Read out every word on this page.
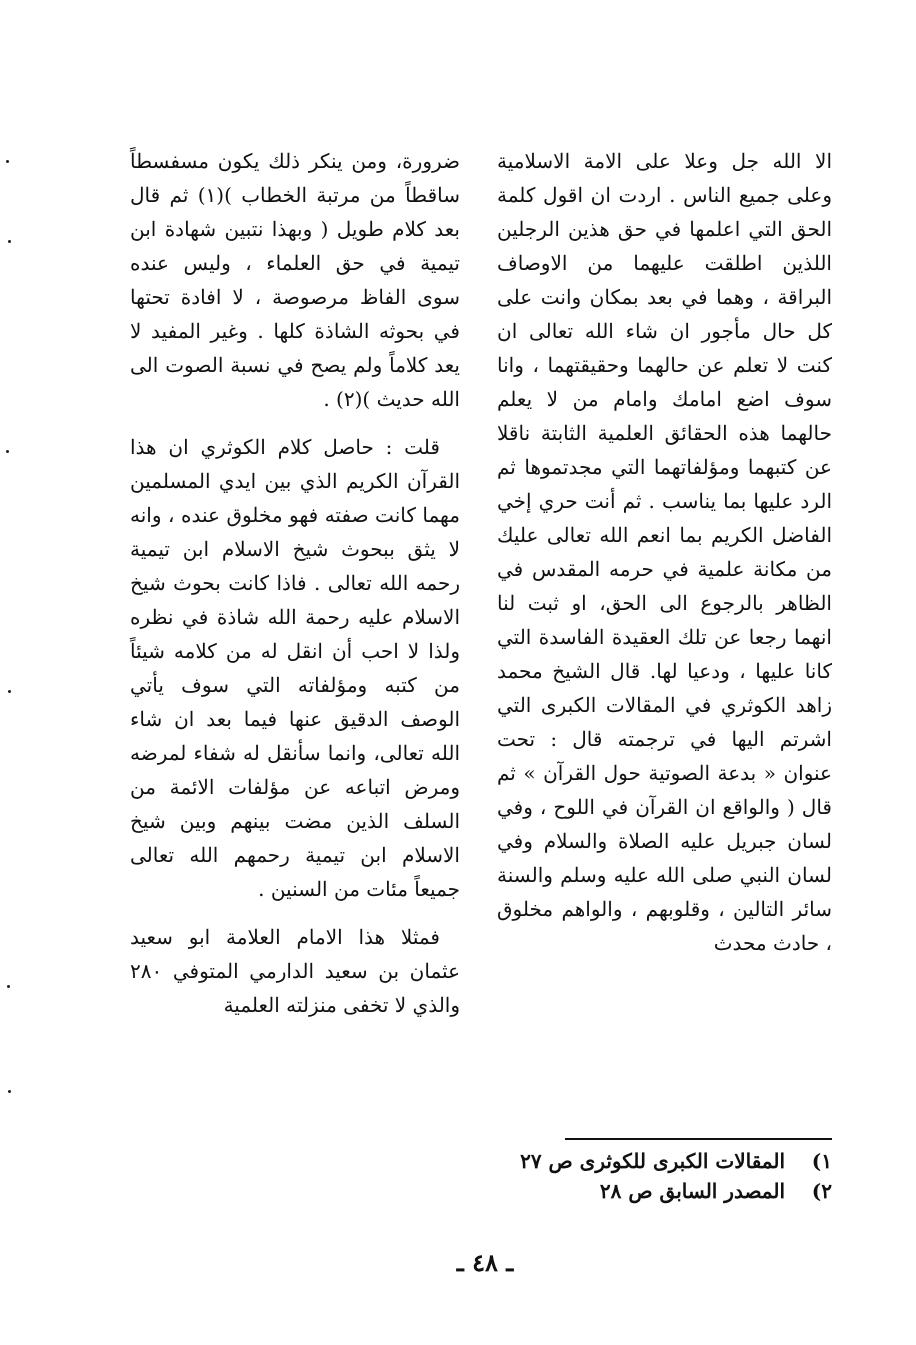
الا الله جل وعلا على الامة الاسلامية وعلى جميع الناس . اردت ان اقول كلمة الحق التي اعلمها في حق هذين الرجلين اللذين اطلقت عليهما من الاوصاف البراقة ، وهما في بعد بمكان وانت على كل حال مأجور ان شاء الله تعالى ان كنت لا تعلم عن حالهما وحقيقتهما ، وانا سوف اضع امامك وامام من لا يعلم حالهما هذه الحقائق العلمية الثابتة ناقلا عن كتبهما ومؤلفاتهما التي مجدتموها ثم الرد عليها بما يناسب . ثم أنت حري إخي الفاضل الكريم بما انعم الله تعالى عليك من مكانة علمية في حرمه المقدس في الظاهر بالرجوع الى الحق، او ثبت لنا انهما رجعا عن تلك العقيدة الفاسدة التي كانا عليها ، ودعيا لها. قال الشيخ محمد زاهد الكوثري في المقالات الكبرى التي اشرتم اليها في ترجمته قال : تحت عنوان « بدعة الصوتية حول القرآن » ثم قال ( والواقع ان القرآن في اللوح ، وفي لسان جبريل عليه الصلاة والسلام وفي لسان النبي صلى الله عليه وسلم والسنة سائر التالين ، وقلوبهم ، والواهم مخلوق ، حادث محدث

ضرورة، ومن ينكر ذلك يكون مسفسطاً ساقطاً من مرتبة الخطاب )(١) ثم قال بعد كلام طويل ( وبهذا نتبين شهادة ابن تيمية في حق العلماء ، وليس عنده سوى الفاظ مرصوصة ، لا افادة تحتها في بحوثه الشاذة كلها . وغير المفيد لا يعد كلاماً ولم يصح في نسبة الصوت الى الله حديث )(٢) .

قلت : حاصل كلام الكوثري ان هذا القرآن الكريم الذي بين ايدي المسلمين مهما كانت صفته فهو مخلوق عنده ، وانه لا يثق ببحوث شيخ الاسلام ابن تيمية رحمه الله تعالى . فاذا كانت بحوث شيخ الاسلام عليه رحمة الله شاذة في نظره ولذا لا احب أن انقل له من كلامه شيئاً من كتبه ومؤلفاته التي سوف يأتي الوصف الدقيق عنها فيما بعد ان شاء الله تعالى، وانما سأنقل له شفاء لمرضه ومرض اتباعه عن مؤلفات الائمة من السلف الذين مضت بينهم وبين شيخ الاسلام ابن تيمية رحمهم الله تعالى جميعاً مئات من السنين .

فمثلا هذا الامام العلامة ابو سعيد عثمان بن سعيد الدارمي المتوفي ٢٨٠ والذي لا تخفى منزلته العلمية

١) المقالات الكبرى للكوثرى ص ٢٧
٢) المصدر السابق ص ٢٨
ـ ٤٨ ـ
